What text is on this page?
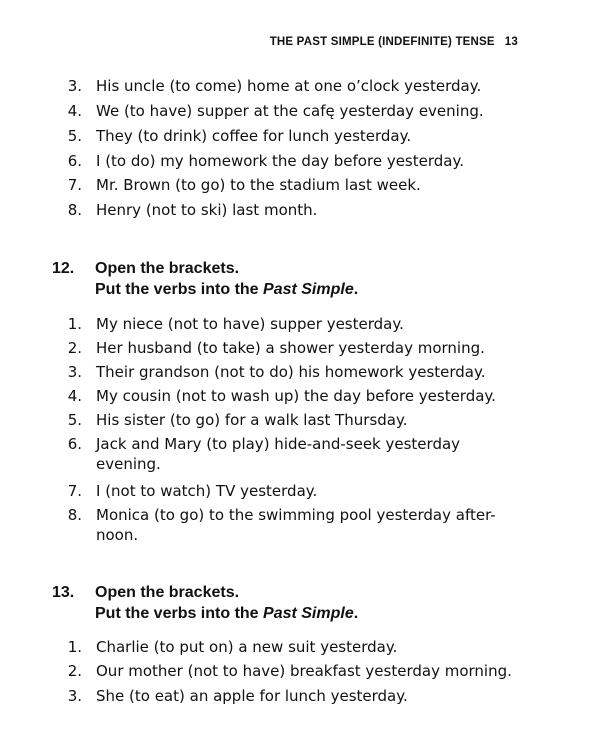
THE PAST SIMPLE (INDEFINITE) TENSE 13
3. His uncle (to come) home at one o’clock yesterday.
4. We (to have) supper at the cafę yesterday evening.
5. They (to drink) coffee for lunch yesterday.
6. I (to do) my homework the day before yesterday.
7. Mr. Brown (to go) to the stadium last week.
8. Henry (not to ski) last month.
12. Open the brackets.
Put the verbs into the Past Simple.
1. My niece (not to have) supper yesterday.
2. Her husband (to take) a shower yesterday morning.
3. Their grandson (not to do) his homework yesterday.
4. My cousin (not to wash up) the day before yesterday.
5. His sister (to go) for a walk last Thursday.
6. Jack and Mary (to play) hide-and-seek yesterday evening.
7. I (not to watch) TV yesterday.
8. Monica (to go) to the swimming pool yesterday after-noon.
13. Open the brackets.
Put the verbs into the Past Simple.
1. Charlie (to put on) a new suit yesterday.
2. Our mother (not to have) breakfast yesterday morning.
3. She (to eat) an apple for lunch yesterday.
